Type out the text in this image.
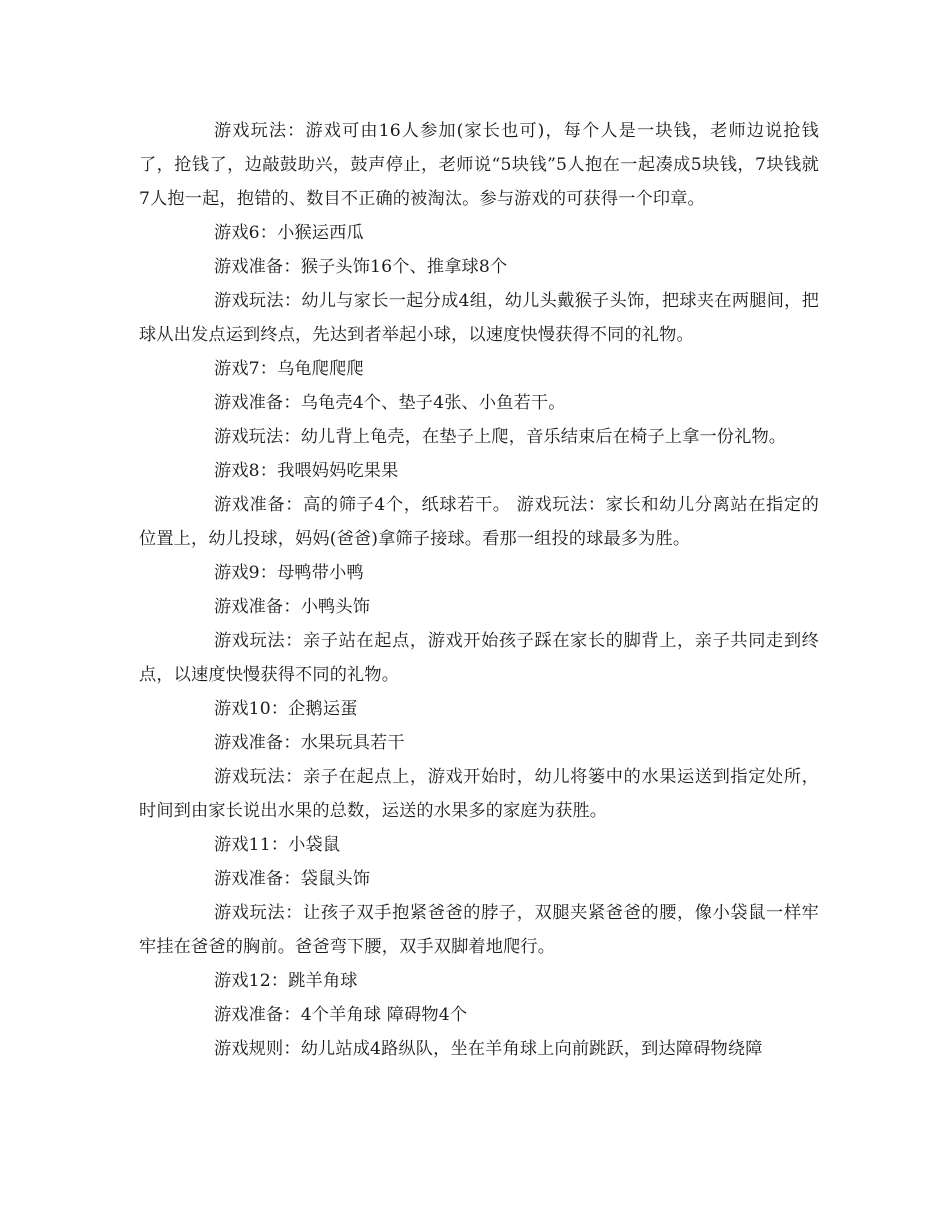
游戏玩法：游戏可由16人参加(家长也可)，每个人是一块钱，老师边说抢钱了，抢钱了，边敲鼓助兴，鼓声停止，老师说“5块钱”5人抱在一起凑成5块钱，7块钱就7人抱一起，抱错的、数目不正确的被淘汰。参与游戏的可获得一个印章。

游戏6：小猴运西瓜

游戏准备：猴子头饰16个、推拿球8个

游戏玩法：幼儿与家长一起分成4组，幼儿头戴猴子头饰，把球夹在两腿间，把球从出发点运到终点，先达到者举起小球，以速度快慢获得不同的礼物。

游戏7：乌龟爬爬爬

游戏准备：乌龟壳4个、垫子4张、小鱼若干。

游戏玩法：幼儿背上龟壳，在垫子上爬，音乐结束后在椅子上拿一份礼物。

游戏8：我喂妈妈吃果果

游戏准备：高的筛子4个，纸球若干。 游戏玩法：家长和幼儿分离站在指定的位置上，幼儿投球，妈妈(爸爸)拿筛子接球。看那一组投的球最多为胜。

游戏9：母鸭带小鸭

游戏准备：小鸭头饰

游戏玩法：亲子站在起点，游戏开始孩子踩在家长的脚背上，亲子共同走到终点，以速度快慢获得不同的礼物。

游戏10：企鹅运蛋

游戏准备：水果玩具若干

游戏玩法：亲子在起点上，游戏开始时，幼儿将篓中的水果运送到指定处所，时间到由家长说出水果的总数，运送的水果多的家庭为获胜。

游戏11：小袋鼠

游戏准备：袋鼠头饰

游戏玩法：让孩子双手抱紧爸爸的脖子，双腿夹紧爸爸的腰，像小袋鼠一样牢牢挂在爸爸的胸前。爸爸弯下腰，双手双脚着地爬行。

游戏12：跳羊角球

游戏准备：4个羊角球 障碍物4个

游戏规则：幼儿站成4路纵队，坐在羊角球上向前跳跃，到达障碍物绕障
